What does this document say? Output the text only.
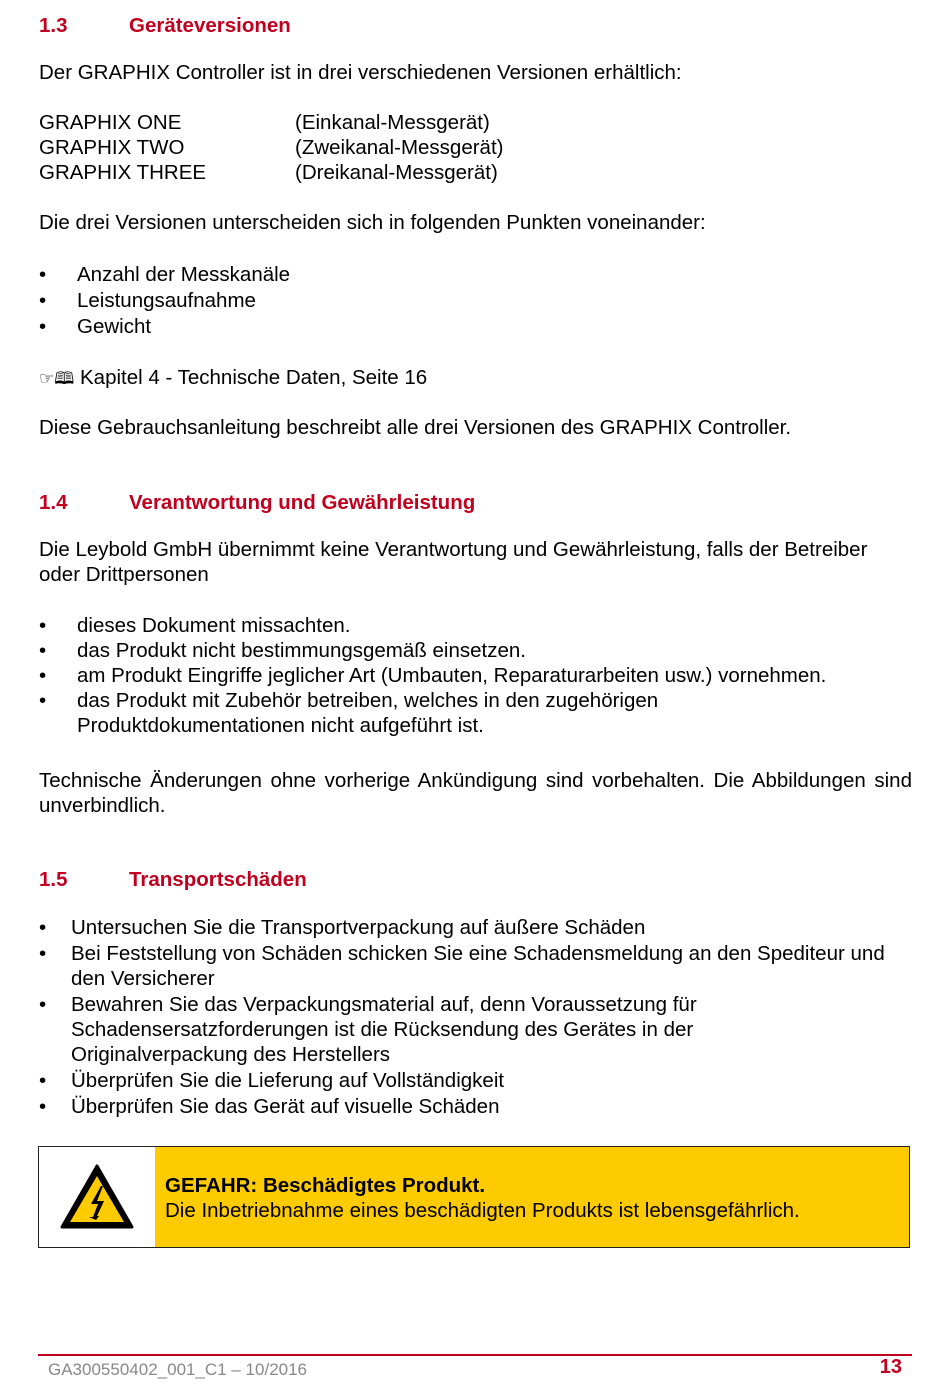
1.3	Geräteversionen
Der GRAPHIX Controller ist in drei verschiedenen Versionen erhältlich:
GRAPHIX ONE	(Einkanal-Messgerät)
GRAPHIX TWO	(Zweikanal-Messgerät)
GRAPHIX THREE	(Dreikanal-Messgerät)
Die drei Versionen unterscheiden sich in folgenden Punkten voneinander:
• Anzahl der Messkanäle
• Leistungsaufnahme
• Gewicht
☞🕮 Kapitel 4 - Technische Daten, Seite 16
Diese Gebrauchsanleitung beschreibt alle drei Versionen des GRAPHIX Controller.
1.4	Verantwortung und Gewährleistung
Die Leybold GmbH übernimmt keine Verantwortung und Gewährleistung, falls der Betreiber oder Drittpersonen
• dieses Dokument missachten.
• das Produkt nicht bestimmungsgemäß einsetzen.
• am Produkt Eingriffe jeglicher Art (Umbauten, Reparaturarbeiten usw.) vornehmen.
• das Produkt mit Zubehör betreiben, welches in den zugehörigen Produktdokumentationen nicht aufgeführt ist.
Technische Änderungen ohne vorherige Ankündigung sind vorbehalten. Die Abbildungen sind unverbindlich.
1.5	Transportschäden
• Untersuchen Sie die Transportverpackung auf äußere Schäden
• Bei Feststellung von Schäden schicken Sie eine Schadensmeldung an den Spediteur und den Versicherer
• Bewahren Sie das Verpackungsmaterial auf, denn Voraussetzung für Schadensersatzforderungen ist die Rücksendung des Gerätes in der Originalverpackung des Herstellers
• Überprüfen Sie die Lieferung auf Vollständigkeit
• Überprüfen Sie das Gerät auf visuelle Schäden
GEFAHR: Beschädigtes Produkt.
Die Inbetriebnahme eines beschädigten Produkts ist lebensgefährlich.
GA300550402_001_C1 – 10/2016	13
